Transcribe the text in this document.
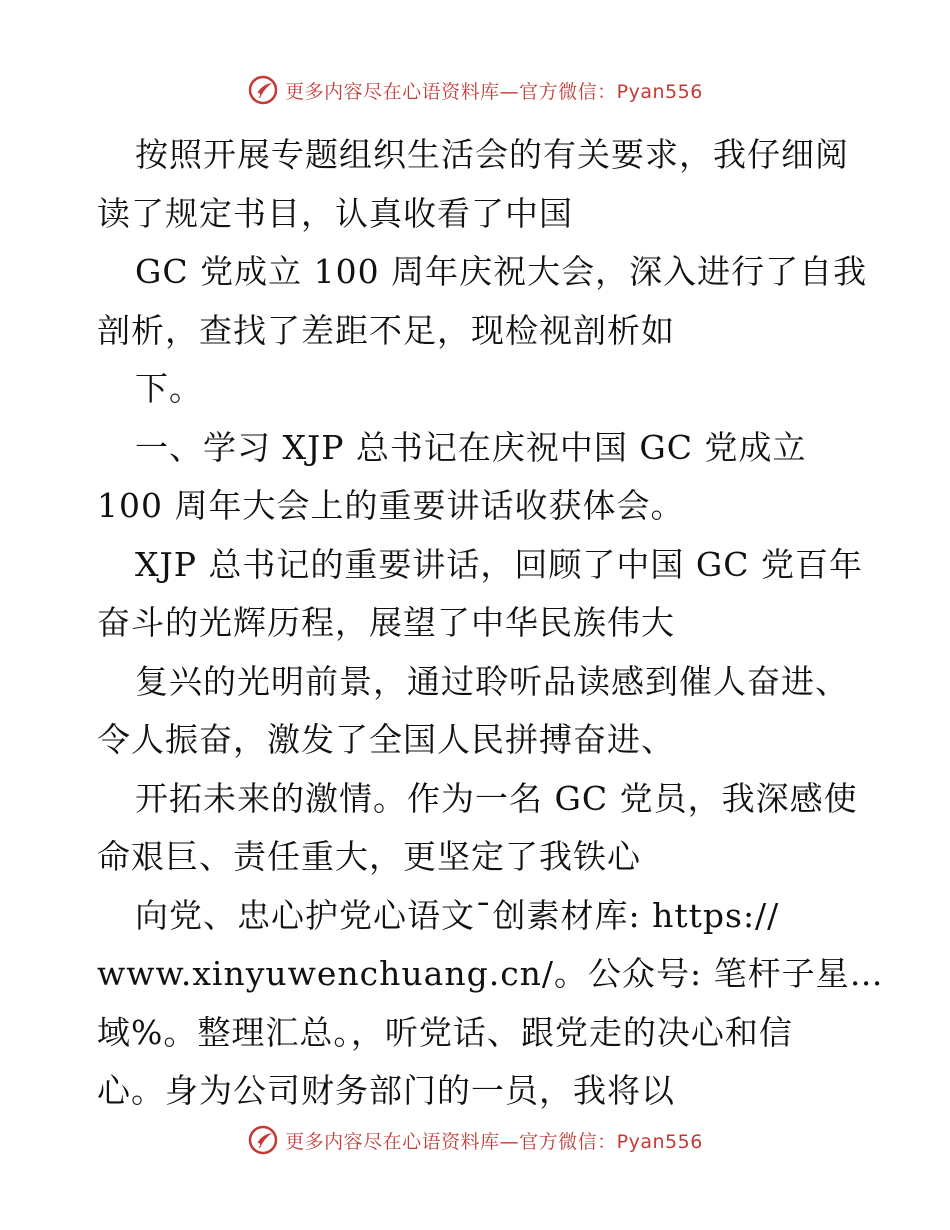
更多内容尽在心语资料库—官方微信：Pyan556
按照开展专题组织生活会的有关要求，我仔细阅
读了规定书目，认真收看了中国
GC 党成立 100 周年庆祝大会，深入进行了自我
剖析，查找了差距不足，现检视剖析如
下。
一、学习 XJP 总书记在庆祝中国 GC 党成立
100 周年大会上的重要讲话收获体会。
XJP 总书记的重要讲话，回顾了中国 GC 党百年
奋斗的光辉历程，展望了中华民族伟大
复兴的光明前景，通过聆听品读感到催人奋进、
令人振奋，激发了全国人民拼搏奋进、
开拓未来的激情。作为一名 GC 党员，我深感使
命艰巨、责任重大，更坚定了我铁心
向党、忠心护党心语文¯创素材库: https://
www.xinyuwenchuang.cn/。公众号: 笔杆子星…
域%。整理汇总。，听党话、跟党走的决心和信
心。身为公司财务部门的一员，我将以
更多内容尽在心语资料库—官方微信：Pyan556
